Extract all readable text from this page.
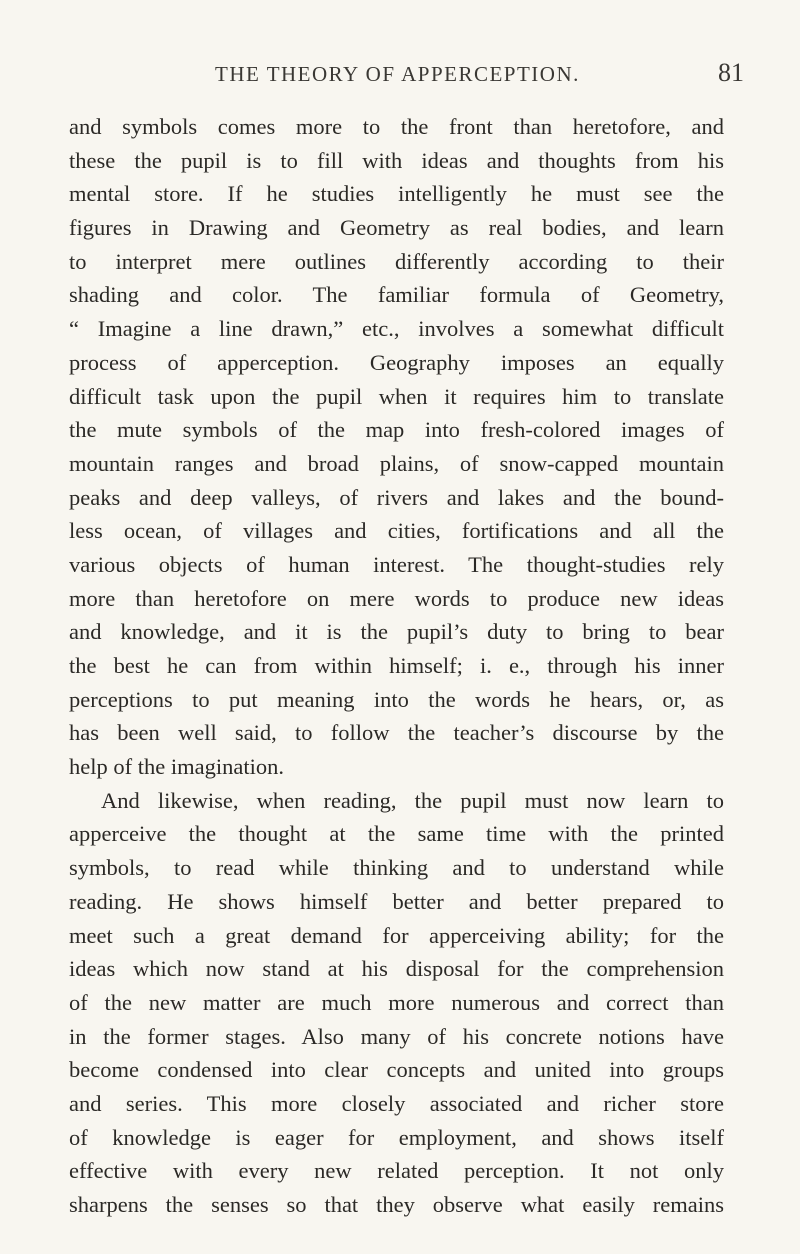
THE THEORY OF APPERCEPTION.	81
and symbols comes more to the front than heretofore, and
these the pupil is to fill with ideas and thoughts from his
mental store. If he studies intelligently he must see the
figures in Drawing and Geometry as real bodies, and learn
to interpret mere outlines differently according to their
shading and color. The familiar formula of Geometry,
“ Imagine a line drawn,” etc., involves a somewhat difficult
process of apperception. Geography imposes an equally
difficult task upon the pupil when it requires him to translate
the mute symbols of the map into fresh-colored images of
mountain ranges and broad plains, of snow-capped mountain
peaks and deep valleys, of rivers and lakes and the bound-
less ocean, of villages and cities, fortifications and all the
various objects of human interest. The thought-studies rely
more than heretofore on mere words to produce new ideas
and knowledge, and it is the pupil’s duty to bring to bear
the best he can from within himself; i. e., through his inner
perceptions to put meaning into the words he hears, or, as
has been well said, to follow the teacher’s discourse by the
help of the imagination.
And likewise, when reading, the pupil must now learn to
apperceive the thought at the same time with the printed
symbols, to read while thinking and to understand while
reading. He shows himself better and better prepared to
meet such a great demand for apperceiving ability; for the
ideas which now stand at his disposal for the comprehension
of the new matter are much more numerous and correct than
in the former stages. Also many of his concrete notions have
become condensed into clear concepts and united into groups
and series. This more closely associated and richer store
of knowledge is eager for employment, and shows itself
effective with every new related perception. It not only
sharpens the senses so that they observe what easily remains
